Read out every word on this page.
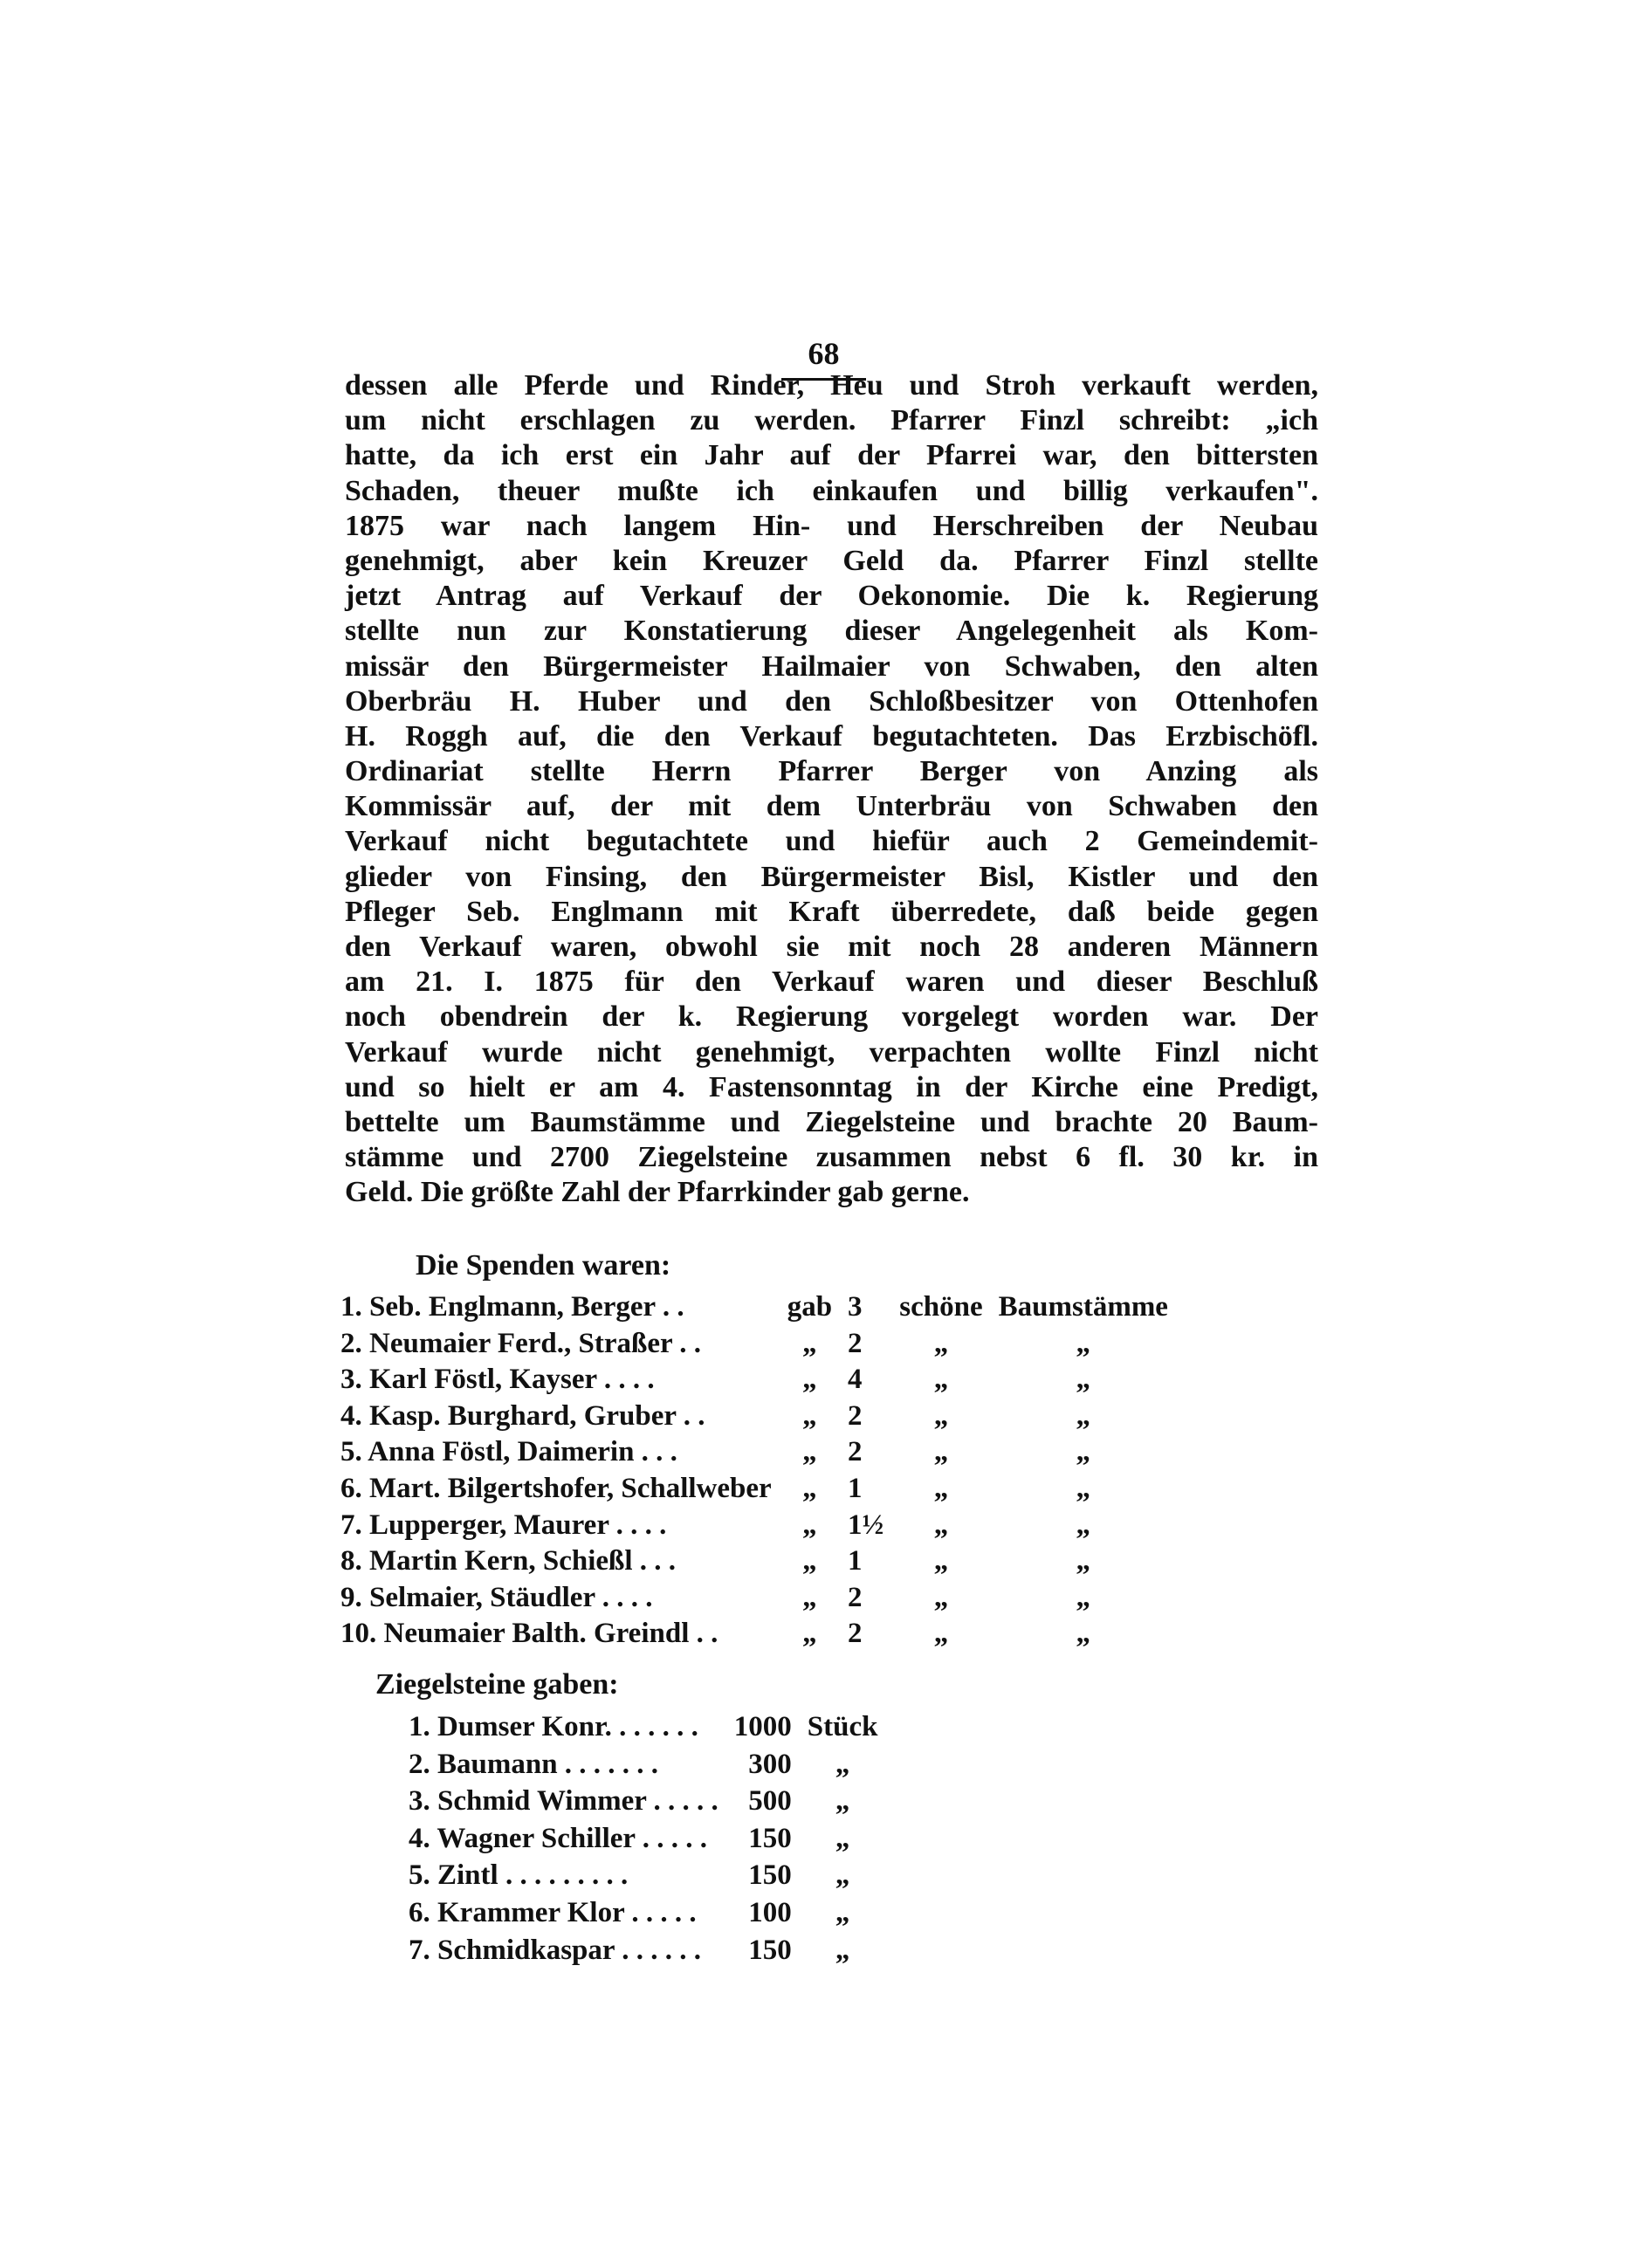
68
dessen alle Pferde und Rinder, Heu und Stroh verkauft werden,
um nicht erschlagen zu werden. Pfarrer Finzl schreibt: „ich
hatte, da ich erst ein Jahr auf der Pfarrei war, den bittersten
Schaden, theuer mußte ich einkaufen und billig verkaufen".
1875 war nach langem Hin- und Herschreiben der Neubau
genehmigt, aber kein Kreuzer Geld da. Pfarrer Finzl stellte
jetzt Antrag auf Verkauf der Oekonomie. Die k. Regierung
stellte nun zur Konstatierung dieser Angelegenheit als Kom-
missär den Bürgermeister Hailmaier von Schwaben, den alten
Oberbräu H. Huber und den Schloßbesitzer von Ottenhofen
H. Roggh auf, die den Verkauf begutachteten. Das Erzbischöfl.
Ordinariat stellte Herrn Pfarrer Berger von Anzing als
Kommissär auf, der mit dem Unterbräu von Schwaben den
Verkauf nicht begutachtete und hiefür auch 2 Gemeindemit-
glieder von Finsing, den Bürgermeister Bisl, Kistler und den
Pfleger Seb. Englmann mit Kraft überredete, daß beide gegen
den Verkauf waren, obwohl sie mit noch 28 anderen Männern
am 21. I. 1875 für den Verkauf waren und dieser Beschluß
noch obendrein der k. Regierung vorgelegt worden war. Der
Verkauf wurde nicht genehmigt, verpachten wollte Finzl nicht
und so hielt er am 4. Fastensonntag in der Kirche eine Predigt,
bettelte um Baumstämme und Ziegelsteine und brachte 20 Baum-
stämme und 2700 Ziegelsteine zusammen nebst 6 fl. 30 kr. in
Geld. Die größte Zahl der Pfarrkinder gab gerne.
Die Spenden waren:
1. Seb. Englmann, Berger . .	gab 3	schöne Baumstämme
2. Neumaier Ferd., Straßer . .	„	2	„	„
3. Karl Föstl, Kayser . . . .	„	4	„	„
4. Kasp. Burghard, Gruber . .	„	2	„	„
5. Anna Föstl, Daimerin . . .	„	2	„	„
6. Mart. Bilgertshofer, Schallweber	„	1	„	„
7. Lupperger, Maurer . . . .	„	1½	„	„
8. Martin Kern, Schießl . . .	„	1	„	„
9. Selmaier, Stäudler . . . .	„	2	„	„
10. Neumaier Balth. Greindl . .	„	2	„	„
Ziegelsteine gaben:
1. Dumser Konr. . . . . . .	1000 Stück
2. Baumann . . . . . . .	300	„
3. Schmid Wimmer . . . . .	500	„
4. Wagner Schiller . . . . .	150	„
5. Zintl . . . . . . . . .	150	„
6. Krammer Klor . . . . .	100	„
7. Schmidkaspar . . . . . .	150	„
